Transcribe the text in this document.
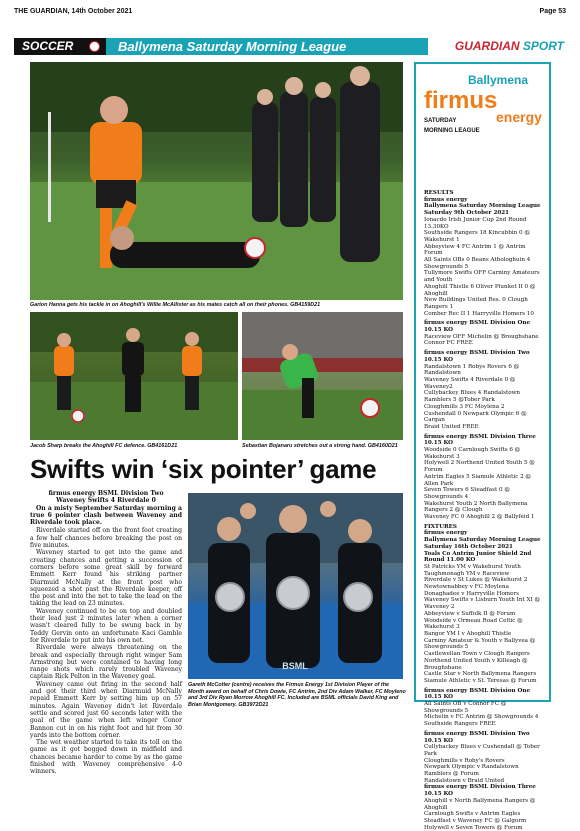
THE GUARDIAN, 14th October 2021	Page 53
SOCCER	Ballymena Saturday Morning League	GUARDIAN SPORT
Garion Hanna gets his tackle in on Ahoghill's Willie McAllister as his mates catch all on their phones. GB4159D21
Jacob Sharp breaks the Ahoghill FC defence. GB4161D21	Sebastian Bojanaru stretches out a strong hand. GB4160D21
Swifts win ‘six pointer’ game
firmus energy BSML Division Two
Waveney Swifts 4 Riverdale 0

On a misty September Saturday morning a true 6 pointer clash between Waveney and Riverdale took place.

Riverdale started off on the front foot creating a few half chances before breaking the post on five minutes.

Waveney started to get into the game and creating chances and getting a succession of corners before some great skill by forward Emmett Kerr found his striking partner Diarmuid McNally at the front post who squeezed a shot past the Riverdale keeper, off the post and into the net to take the lead on the taking the lead on 23 minutes.

Waveney continued to be on top and doubled their lead just 2 minutes later when a corner wasn't cleared fully to be swung back in by Teddy Gervin onto an unfortunate Kaci Gamble for Riverdale to put into his own net.

Riverdale were always threatening on the break and especially through right winger Sam Armstrong but were contained to having long range shots which rarely troubled Waveney captain Rick Pelton in the Waveney goal.

Waveney came out firing in the second half and got their third when Diarmuid McNally repaid Emmett Kerr by setting him up on 57 minutes. Again Waveney didn't let Riverdale settle and scored just 60 seconds later with the goal of the game when left winger Conor Bannon cut in on his right foot and hit from 30 yards into the bottom corner.

The wet weather started to take its toll on the game as it got bogged down in midfield and chances became harder to come by as the game finished with Waveney comprehensive 4-0 winners.

BSML
Gareth McCotter (centre) receives the Firmus Energy 1st Division Player of the Month award on behalf of Chris Dowie, FC Antrim, 2nd Div Adam Walker, FC Moyleno and 3rd Div Ryan Morrow Ahoghill FC. Included are BSML officials David King and Brian Montgomery. GB3972D21
Ballymena
firmus
energy
SATURDAY
MORNING LEAGUE
RESULTS
firmus energy
Ballymena Saturday Morning League
Saturday 9th October 2021
Ionacdo Irish Junior Cup 2nd Round 13.30KO
Southside Rangers 18 Kincubbin 0 @ Wakehurst 1
Abbeyview 4 FC Antrim 1 @ Antrim Forum
All Saints OBs 0 Beans Athologhuin 4 Showgrounds 5
Tullymore Swifts OFF Carniny Amateurs and Youth
Ahoghill Thistle 6 Oliver Plunket II 0 @ Ahoghill
New Buildings United Res. 0 Clough Rangers 1
Comber Rec II 1 Harryville Homers 10
firmus energy BSML Division One 10.15 KO
Raceview OFF Michelin @ Broughshane
Connor FC FREE
firmus energy BSML Division Two 10.15 KO
Randalstown 1 Robys Rovers 6 @ Randalstown
Waveney Swifts 4 Riverdale 0 @ Waveney2
Cullybackey Blues 4 Randalstown Ramblers 5 @Tober Park
Cloughmills 3 FC Moylena 2
Cushendall 0 Newpark Olympic 6 @ Cargan
Braid United FREE
firmus energy BSML Division Three 10.15 KO
Woodside 0 Carnlough Swifts 6 @ Wakehurst 3
Holywell 2 Northend United Youth 5 @ Forum
Antrim Eagles 5 Siamule Athletic 2 @ Allen Park
Seven Towers 6 Steadfast 0 @ Showgrounds 4
Wakehurst Youth 2 North Ballymena Rangers 2 @ Clough
Waveney FC 0 Ahoghill 2 @ Ballyfeid 1
FIXTURES
firmus energy
Ballymena Saturday Morning League
Saturday 16th October 2021
Toals Co Antrim Junior Shield 2nd Round 11.00 KO
St Patricks YM v Wakehurst Youth
Taughmonagh YM v Raceview
Riverdale v St Lukes @ Wakehurst 2
Newtownabbey v FC Moylena
Donaghadee v Harryville Homers
Waveney Swifts v Lisburn Youth Int XI @ Waveney 2
Abbeyview v Suffolk II @ Forum
Woodside v Ormeau Road Celtic @ Wakehurst 3
Bangor YM I v Ahoghill Thistle
Carniny Amateur & Youth v Ballyvea @ Showgrounds 5
Castlewellan Town v Clough Rangers
Northend United Youth v Killeagh @ Broughshane
Castle Star v North Ballymena Rangers
Siamule Athletic v St. Teresas @ Forum
firmus energy BSML Division One 10.15 KO
All Saints OB v Connor FC @ Showgrounds 5
Michelin v FC Antrim @ Showgrounds 4
Southside Rangers FREE
firmus energy BSML Division Two 10.15 KO
Cullybackey Blues v Cushendall @ Tober Park
Cloughmills v Roby's Rovers
Newpark Olympic v Randalstown Ramblers @ Forum
Randalstown v Braid United
firmus energy BSML Division Three 10.15 KO
Ahoghill v North Ballymena Rangers @ Ahoghill
Carnlough Swifts v Antrim Eagles
Steadfast v Waveney FC @ Galgorm
Holywell v Seven Towers @ Forum
